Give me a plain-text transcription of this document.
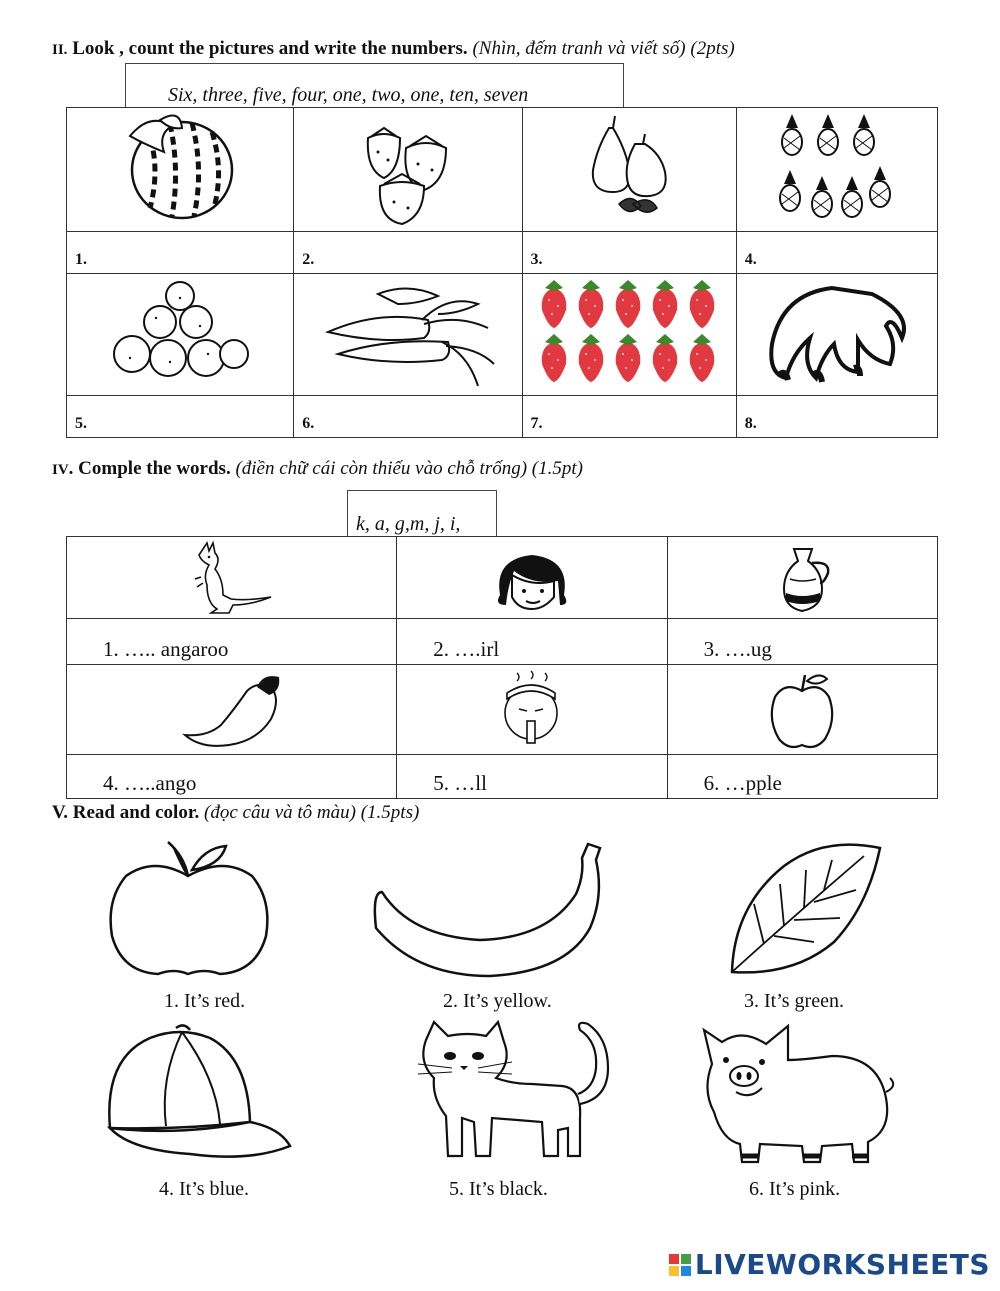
II. Look , count the pictures and write the numbers. (Nhìn, đếm tranh và viết số) (2pts)
Six, three, five, four, one, two, one, ten, seven

1.	2.	3.	4.

5.	6.	7.	8.
IV. Comple the words. (điền chữ cái còn thiếu vào chỗ trống) (1.5pt)
k, a, g,m, j, i,

1. ….. angaroo	2. ….irl	3. ….ug

4. …..ango	5. …ll	6. …pple
V. Read and color. (đọc câu và tô màu) (1.5pts)
1. It’s red.	2. It’s yellow.	3. It’s green.
4. It’s blue.	5. It’s black.	6. It’s pink.
LIVEWORKSHEETS
